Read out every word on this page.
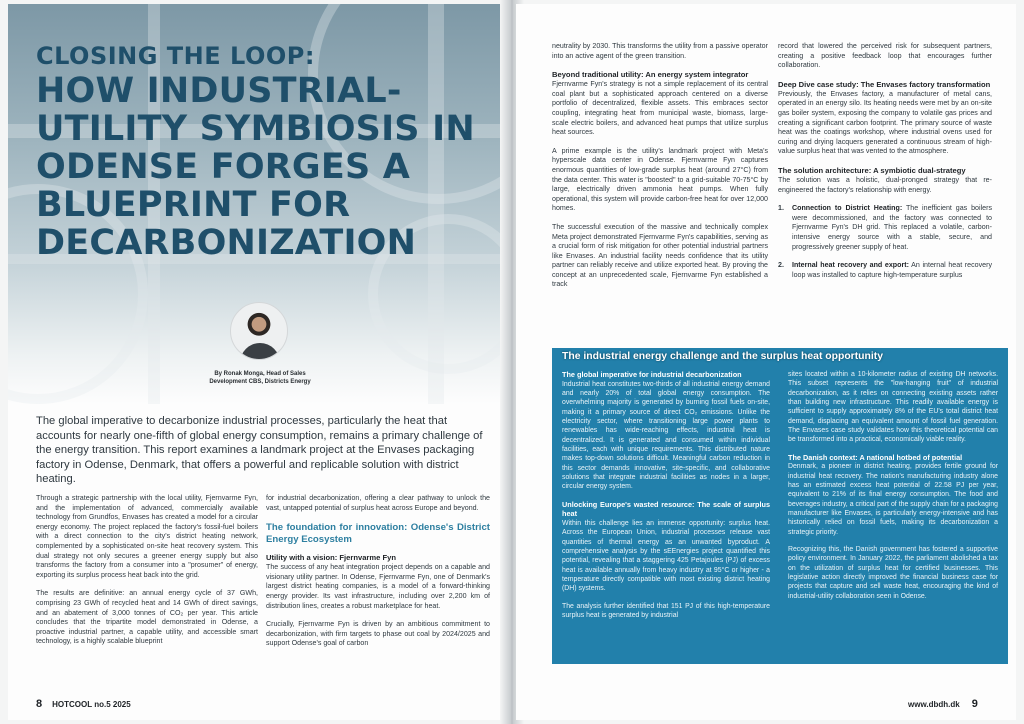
CLOSING THE LOOP:
HOW INDUSTRIAL-UTILITY SYMBIOSIS IN ODENSE FORGES A BLUEPRINT FOR DECARBONIZATION
By Ronak Monga, Head of Sales Development CBS, Districts Energy
The global imperative to decarbonize industrial processes, particularly the heat that accounts for nearly one-fifth of global energy consumption, remains a primary challenge of the energy transition. This report examines a landmark project at the Envases packaging factory in Odense, Denmark, that offers a powerful and replicable solution with district heating.

Through a strategic partnership with the local utility, Fjernvarme Fyn, and the implementation of advanced, commercially available technology from Grundfos, Envases has created a model for a circular energy economy. The project replaced the factory's fossil-fuel boilers with a direct connection to the city's district heating network, complemented by a sophisticated on-site heat recovery system. This dual strategy not only secures a greener energy supply but also transforms the factory from a consumer into a "prosumer" of energy, exporting its surplus process heat back into the grid.

The results are definitive: an annual energy cycle of 37 GWh, comprising 23 GWh of recycled heat and 14 GWh of direct savings, and an abatement of 3,000 tonnes of CO₂ per year. This article concludes that the tripartite model demonstrated in Odense, a proactive industrial partner, a capable utility, and accessible smart technology, is a highly scalable blueprint

for industrial decarbonization, offering a clear pathway to unlock the vast, untapped potential of surplus heat across Europe and beyond.

The foundation for innovation: Odense's District Energy Ecosystem
Utility with a vision: Fjernvarme Fyn

The success of any heat integration project depends on a capable and visionary utility partner. In Odense, Fjernvarme Fyn, one of Denmark's largest district heating companies, is a model of a forward-thinking energy provider. Its vast infrastructure, including over 2,200 km of distribution lines, creates a robust marketplace for heat.

Crucially, Fjernvarme Fyn is driven by an ambitious commitment to decarbonization, with firm targets to phase out coal by 2024/2025 and support Odense's goal of carbon

8 HOTCOOL no.5 2025

neutrality by 2030. This transforms the utility from a passive operator into an active agent of the green transition.

Beyond traditional utility: An energy system integrator

Fjernvarme Fyn's strategy is not a simple replacement of its central coal plant but a sophisticated approach centered on a diverse portfolio of decentralized, flexible assets. This embraces sector coupling, integrating heat from municipal waste, biomass, large-scale electric boilers, and advanced heat pumps that utilize surplus heat sources.

A prime example is the utility's landmark project with Meta's hyperscale data center in Odense. Fjernvarme Fyn captures enormous quantities of low-grade surplus heat (around 27°C) from the data center. This water is "boosted" to a grid-suitable 70-75°C by large, electrically driven ammonia heat pumps. When fully operational, this system will provide carbon-free heat for over 12,000 homes.

The successful execution of the massive and technically complex Meta project demonstrated Fjernvarme Fyn's capabilities, serving as a crucial form of risk mitigation for other potential industrial partners like Envases. An industrial facility needs confidence that its utility partner can reliably receive and utilize exported heat. By proving the concept at an unprecedented scale, Fjernvarme Fyn established a track

record that lowered the perceived risk for subsequent partners, creating a positive feedback loop that encourages further collaboration.

Deep Dive case study: The Envases factory transformation

Previously, the Envases factory, a manufacturer of metal cans, operated in an energy silo. Its heating needs were met by an on-site gas boiler system, exposing the company to volatile gas prices and creating a significant carbon footprint. The primary source of waste heat was the coatings workshop, where industrial ovens used for curing and drying lacquers generated a continuous stream of high-value surplus heat that was vented to the atmosphere.

The solution architecture: A symbiotic dual-strategy

The solution was a holistic, dual-pronged strategy that re-engineered the factory's relationship with energy.

1.	Connection to District Heating: The inefficient gas boilers were decommissioned, and the factory was connected to Fjernvarme Fyn's DH grid. This replaced a volatile, carbon-intensive energy source with a stable, secure, and progressively greener supply of heat.
2.	Internal heat recovery and export: An internal heat recovery loop was installed to capture high-temperature surplus
The industrial energy challenge and the surplus heat opportunity
The global imperative for industrial decarbonization

Industrial heat constitutes two-thirds of all industrial energy demand and nearly 20% of total global energy consumption. The overwhelming majority is generated by burning fossil fuels on-site, making it a primary source of direct CO₂ emissions. Unlike the electricity sector, where transitioning large power plants to renewables has wide-reaching effects, industrial heat is decentralized. It is generated and consumed within individual facilities, each with unique requirements. This distributed nature makes top-down solutions difficult. Meaningful carbon reduction in this sector demands innovative, site-specific, and collaborative solutions that integrate industrial facilities as nodes in a larger, circular energy system.

Unlocking Europe's wasted resource: The scale of surplus heat

Within this challenge lies an immense opportunity: surplus heat. Across the European Union, industrial processes release vast quantities of thermal energy as an unwanted byproduct. A comprehensive analysis by the sEEnergies project quantified this potential, revealing that a staggering 425 Petajoules (PJ) of excess heat is available annually from heavy industry at 95°C or higher - a temperature directly compatible with most existing district heating (DH) systems.

The analysis further identified that 151 PJ of this high-temperature surplus heat is generated by industrial

sites located within a 10-kilometer radius of existing DH networks. This subset represents the "low-hanging fruit" of industrial decarbonization, as it relies on connecting existing assets rather than building new infrastructure. This readily available energy is sufficient to supply approximately 8% of the EU's total district heat demand, displacing an equivalent amount of fossil fuel generation. The Envases case study validates how this theoretical potential can be transformed into a practical, economically viable reality.

The Danish context: A national hotbed of potential

Denmark, a pioneer in district heating, provides fertile ground for industrial heat recovery. The nation's manufacturing industry alone has an estimated excess heat potential of 22.58 PJ per year, equivalent to 21% of its final energy consumption. The food and beverages industry, a critical part of the supply chain for a packaging manufacturer like Envases, is particularly energy-intensive and has historically relied on fossil fuels, making its decarbonization a strategic priority.

Recognizing this, the Danish government has fostered a supportive policy environment. In January 2022, the parliament abolished a tax on the utilization of surplus heat for certified businesses. This legislative action directly improved the financial business case for projects that capture and sell waste heat, encouraging the kind of industrial-utility collaboration seen in Odense.

www.dbdh.dk 9
